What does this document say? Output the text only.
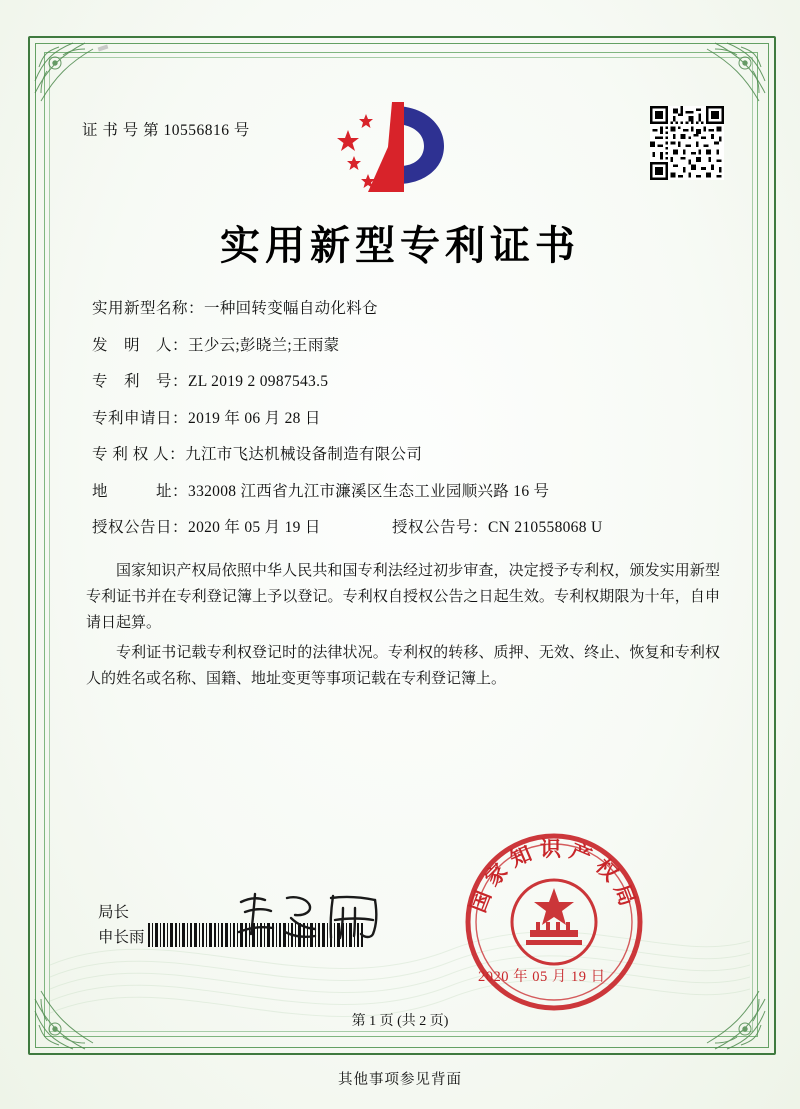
证 书 号 第 10556816 号
实用新型专利证书
实用新型名称： 一种回转变幅自动化料仓
发　明　人： 王少云;彭晓兰;王雨蒙
专　利　号： ZL 2019 2 0987543.5
专利申请日： 2019 年 06 月 28 日
专 利 权 人： 九江市飞达机械设备制造有限公司
地　　　址： 332008 江西省九江市濂溪区生态工业园顺兴路 16 号
授权公告日： 2020 年 05 月 19 日	授权公告号： CN 210558068 U

国家知识产权局依照中华人民共和国专利法经过初步审查，决定授予专利权，颁发实用新型专利证书并在专利登记簿上予以登记。专利权自授权公告之日起生效。专利权期限为十年，自申请日起算。

专利证书记载专利权登记时的法律状况。专利权的转移、质押、无效、终止、恢复和专利权人的姓名或名称、国籍、地址变更等事项记载在专利登记簿上。

局长
申长雨
国家知识产权局
2020 年 05 月 19 日
第 1 页 (共 2 页)
其他事项参见背面
